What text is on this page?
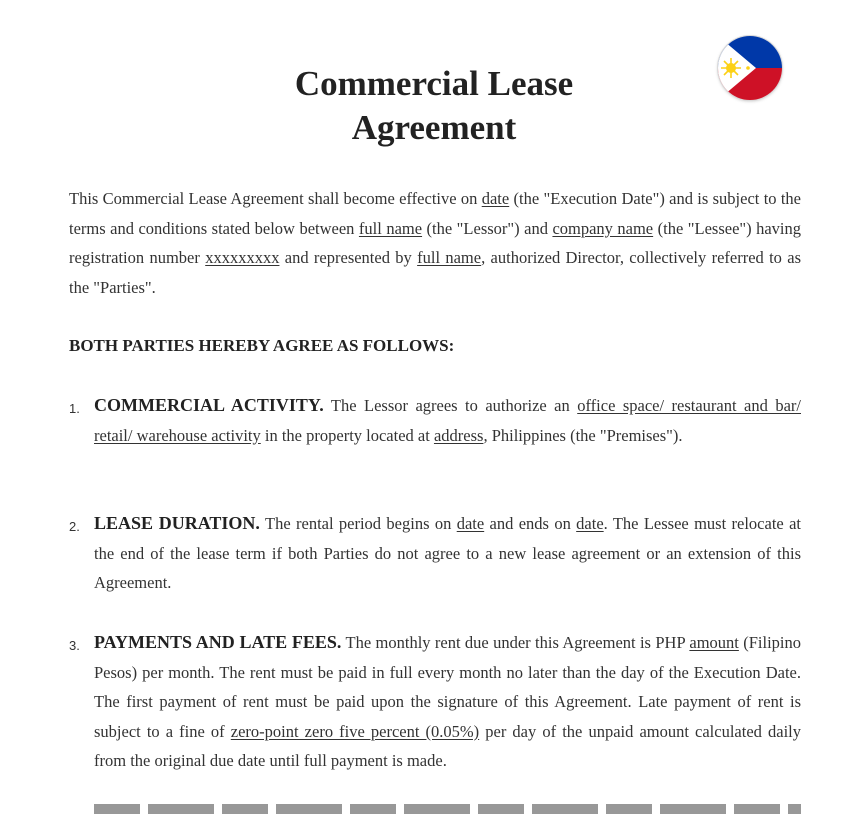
Commercial Lease
Agreement

This Commercial Lease Agreement shall become effective on date (the "Execution Date") and is subject to the terms and conditions stated below between full name (the "Lessor") and company name (the "Lessee") having registration number xxxxxxxxx and represented by full name, authorized Director, collectively referred to as the "Parties".

BOTH PARTIES HEREBY AGREE AS FOLLOWS:
1. COMMERCIAL ACTIVITY. The Lessor agrees to authorize an office space/ restaurant and bar/ retail/ warehouse activity in the property located at address, Philippines (the "Premises").

2. LEASE DURATION. The rental period begins on date and ends on date. The Lessee must relocate at the end of the lease term if both Parties do not agree to a new lease agreement or an extension of this Agreement.

3. PAYMENTS AND LATE FEES. The monthly rent due under this Agreement is PHP amount (Filipino Pesos) per month. The rent must be paid in full every month no later than the day of the Execution Date. The first payment of rent must be paid upon the signature of this Agreement. Late payment of rent is subject to a fine of zero-point zero five percent (0.05%) per day of the unpaid amount calculated daily from the original due date until full payment is made.
